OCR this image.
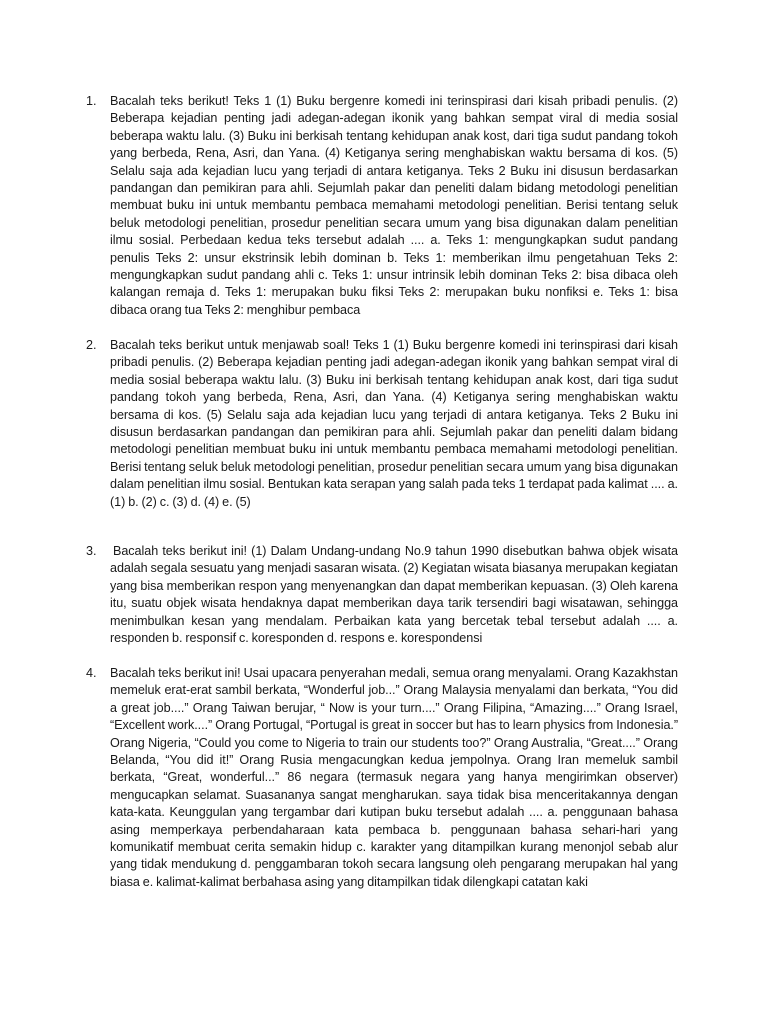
1. Bacalah teks berikut! Teks 1 (1) Buku bergenre komedi ini terinspirasi dari kisah pribadi penulis. (2) Beberapa kejadian penting jadi adegan-adegan ikonik yang bahkan sempat viral di media sosial beberapa waktu lalu. (3) Buku ini berkisah tentang kehidupan anak kost, dari tiga sudut pandang tokoh yang berbeda, Rena, Asri, dan Yana. (4) Ketiganya sering menghabiskan waktu bersama di kos. (5) Selalu saja ada kejadian lucu yang terjadi di antara ketiganya. Teks 2 Buku ini disusun berdasarkan pandangan dan pemikiran para ahli. Sejumlah pakar dan peneliti dalam bidang metodologi penelitian membuat buku ini untuk membantu pembaca memahami metodologi penelitian. Berisi tentang seluk beluk metodologi penelitian, prosedur penelitian secara umum yang bisa digunakan dalam penelitian ilmu sosial. Perbedaan kedua teks tersebut adalah .... a. Teks 1: mengungkapkan sudut pandang penulis Teks 2: unsur ekstrinsik lebih dominan b. Teks 1: memberikan ilmu pengetahuan Teks 2: mengungkapkan sudut pandang ahli c. Teks 1: unsur intrinsik lebih dominan Teks 2: bisa dibaca oleh kalangan remaja d. Teks 1: merupakan buku fiksi Teks 2: merupakan buku nonfiksi e. Teks 1: bisa dibaca orang tua Teks 2: menghibur pembaca
2. Bacalah teks berikut untuk menjawab soal! Teks 1 (1) Buku bergenre komedi ini terinspirasi dari kisah pribadi penulis. (2) Beberapa kejadian penting jadi adegan-adegan ikonik yang bahkan sempat viral di media sosial beberapa waktu lalu. (3) Buku ini berkisah tentang kehidupan anak kost, dari tiga sudut pandang tokoh yang berbeda, Rena, Asri, dan Yana. (4) Ketiganya sering menghabiskan waktu bersama di kos. (5) Selalu saja ada kejadian lucu yang terjadi di antara ketiganya. Teks 2 Buku ini disusun berdasarkan pandangan dan pemikiran para ahli. Sejumlah pakar dan peneliti dalam bidang metodologi penelitian membuat buku ini untuk membantu pembaca memahami metodologi penelitian. Berisi tentang seluk beluk metodologi penelitian, prosedur penelitian secara umum yang bisa digunakan dalam penelitian ilmu sosial. Bentukan kata serapan yang salah pada teks 1 terdapat pada kalimat .... a. (1) b. (2) c. (3) d. (4) e. (5)
3. Bacalah teks berikut ini! (1) Dalam Undang-undang No.9 tahun 1990 disebutkan bahwa objek wisata adalah segala sesuatu yang menjadi sasaran wisata. (2) Kegiatan wisata biasanya merupakan kegiatan yang bisa memberikan respon yang menyenangkan dan dapat memberikan kepuasan. (3) Oleh karena itu, suatu objek wisata hendaknya dapat memberikan daya tarik tersendiri bagi wisatawan, sehingga menimbulkan kesan yang mendalam. Perbaikan kata yang bercetak tebal tersebut adalah .... a. responden b. responsif c. koresponden d. respons e. korespondensi
4. Bacalah teks berikut ini! Usai upacara penyerahan medali, semua orang menyalami. Orang Kazakhstan memeluk erat-erat sambil berkata, “Wonderful job...” Orang Malaysia menyalami dan berkata, “You did a great job....” Orang Taiwan berujar, “ Now is your turn....” Orang Filipina, “Amazing....” Orang Israel, “Excellent work....” Orang Portugal, “Portugal is great in soccer but has to learn physics from Indonesia.” Orang Nigeria, “Could you come to Nigeria to train our students too?” Orang Australia, “Great....” Orang Belanda, “You did it!” Orang Rusia mengacungkan kedua jempolnya. Orang Iran memeluk sambil berkata, “Great, wonderful...” 86 negara (termasuk negara yang hanya mengirimkan observer) mengucapkan selamat. Suasananya sangat mengharukan. saya tidak bisa menceritakannya dengan kata-kata. Keunggulan yang tergambar dari kutipan buku tersebut adalah .... a. penggunaan bahasa asing memperkaya perbendaharaan kata pembaca b. penggunaan bahasa sehari-hari yang komunikatif membuat cerita semakin hidup c. karakter yang ditampilkan kurang menonjol sebab alur yang tidak mendukung d. penggambaran tokoh secara langsung oleh pengarang merupakan hal yang biasa e. kalimat-kalimat berbahasa asing yang ditampilkan tidak dilengkapi catatan kaki
